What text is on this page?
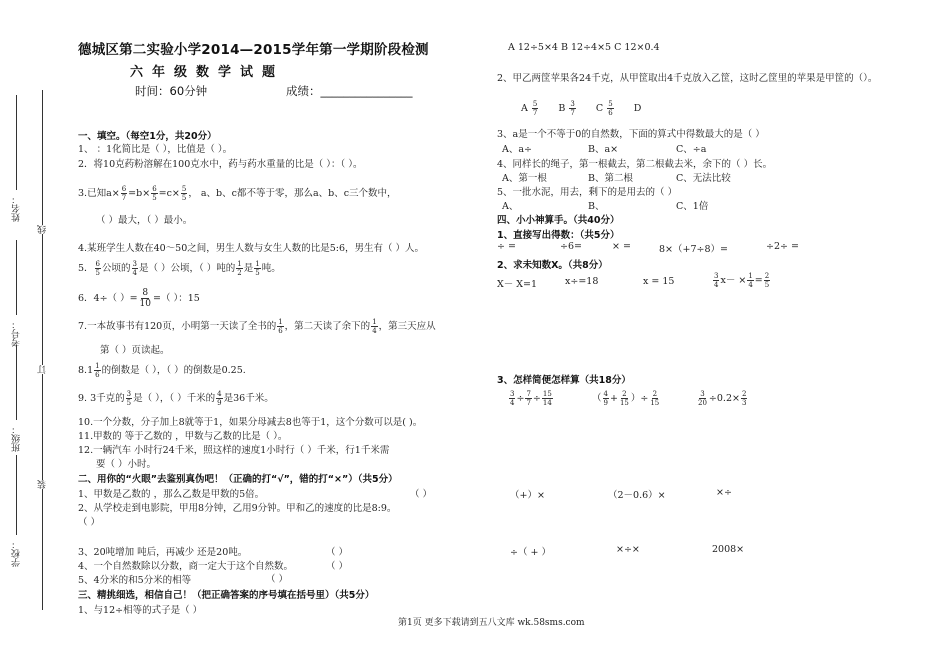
姓名：
考号：
班级：
学校：
线
订
装
德城区第二实验小学2014—2015学年第一学期阶段检测
六年级数学试题
时间：60分钟	成绩：________________
一、填空。（每空1分，共20分）
1、 ：1化简比是（ ），比值是（ ）。
2．将10克药粉溶解在100克水中，药与药水重量的比是（ ）：（ ）。
3.已知$a\times \frac{6}{7} =b\times \frac{6}{5} =c\times \frac{5}{5}$ ， a、b、c都不等于零，那么a、b、c三个数中，
（ ）最大，（ ）最小。
4.某班学生人数在40～50之间，男生人数与女生人数的比是5:6，男生有（ ）人。
5． $\frac{6}{5}$ 公顷的 $\frac{3}{4}$ 是（ ）公顷，（ ）吨的 $\frac{1}{2}$ 是 $\frac{1}{5}$ 吨。
6．4÷（ ）= $\frac{8}{10}$ =（ ）：15
7.一本故事书有120页，小明第一天读了全书的 $\frac{1}{6}$ ，第二天读了余下的 $\frac{1}{4}$ ，第三天应从
第（ ）页读起。
$8.1 \frac{1}{6}$ 的倒数是（ ），（ ）的倒数是0.25.
9. 3千克的 $\frac{3}{5}$ 是（ ），（ ）千米的 $\frac{4}{9}$ 是36千米。
10.一个分数，分子加上8就等于1，如果分母减去8也等于1，这个分数可以是( )。
11.甲数的 等于乙数的 ，甲数与乙数的比是（ ）。
12.一辆汽车 小时行24千米，照这样的速度1小时行（ ）千米，行1千米需
要（ ）小时。
二、用你的“火眼”去鉴别真伪吧！（正确的打“√”，错的打“×”）（共5分）
1、甲数是乙数的 ，那么乙数是甲数的5倍。	（ ）
2、从学校走到电影院，甲用8分钟，乙用9分钟。甲和乙的速度的比是8:9。
（ ）
3、20吨增加 吨后，再减少 还是20吨。	（ ）
4、一个自然数除以分数，商一定大于这个自然数。	（ ）
5、4分米的和5分米的相等	（ ）
三、精挑细选，相信自己！（把正确答案的序号填在括号里）（共5分）
1、与12÷相等的式子是（ ）
A 12÷5×4 B 12÷4×5 C 12×0.4
2、甲乙两筐苹果各24千克，从甲筐取出4千克放入乙筐，这时乙筐里的苹果是甲筐的（）。
A $\frac{5}{7}$ B $\frac{3}{7}$ C $\frac{5}{6}$ D
3、a是一个不等于0的自然数，下面的算式中得数最大的是（ ）
A、a÷	B、a×	C、÷a
4、同样长的绳子，第一根截去，第二根截去米，余下的（ ）长。
A、第一根	B、第二根	C、无法比较
5、一批水泥，用去，剩下的是用去的（ ）
A、	B、	C、1倍
四、小小神算手。（共40分）
1、直接写出得数：（共5分）
÷ =	÷6=	× =	8×（+7÷8）=	÷2÷ =
2、求未知数X。（共8分）
X－ X=1	x÷=18	x = 15	$\frac{3}{4} x- \times \frac{1}{4} = \frac{2}{5}$
3、怎样简便怎样算（共18分）
$\frac{3}{4} \div \frac{7}{7} \div \frac{15}{14}$	（ $\frac{4}{9} + \frac{2}{15}$ ）÷ $\frac{2}{15}$	$\frac{3}{20} \div 0.2\times \frac{2}{3}$
（+）×	（2－0.6）×	×÷
÷（ + ）	×÷×	2008×
第1页 更多下载请到五八文库 wk.58sms.com
